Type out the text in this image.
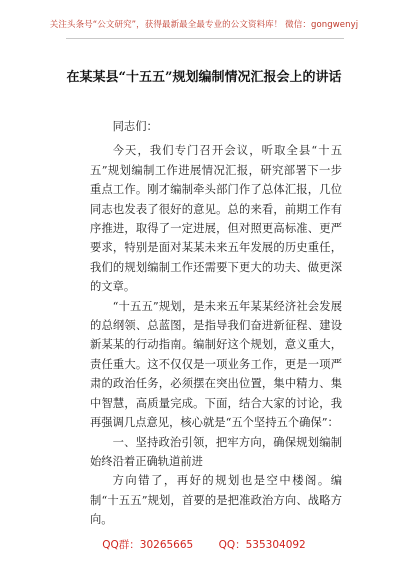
关注头条号“公文研究”，获得最新最全最专业的公文资料库！ 微信：gongwenyj
在某某县“十五五”规划编制情况汇报会上的讲话

同志们：

今天，我们专门召开会议，听取全县“十五五”规划编制工作进展情况汇报，研究部署下一步重点工作。刚才编制牵头部门作了总体汇报，几位同志也发表了很好的意见。总的来看，前期工作有序推进，取得了一定进展，但对照更高标准、更严要求，特别是面对某某未来五年发展的历史重任，我们的规划编制工作还需要下更大的功夫、做更深的文章。

“十五五”规划，是未来五年某某经济社会发展的总纲领、总蓝图，是指导我们奋进新征程、建设新某某的行动指南。编制好这个规划，意义重大，责任重大。这不仅仅是一项业务工作，更是一项严肃的政治任务，必须摆在突出位置，集中精力、集中智慧，高质量完成。下面，结合大家的讨论，我再强调几点意见，核心就是“五个坚持五个确保”：

一、坚持政治引领，把牢方向，确保规划编制始终沿着正确轨道前进

方向错了，再好的规划也是空中楼阁。编制“十五五”规划，首要的是把准政治方向、战略方向。

QQ群：30265665 QQ：535304092
